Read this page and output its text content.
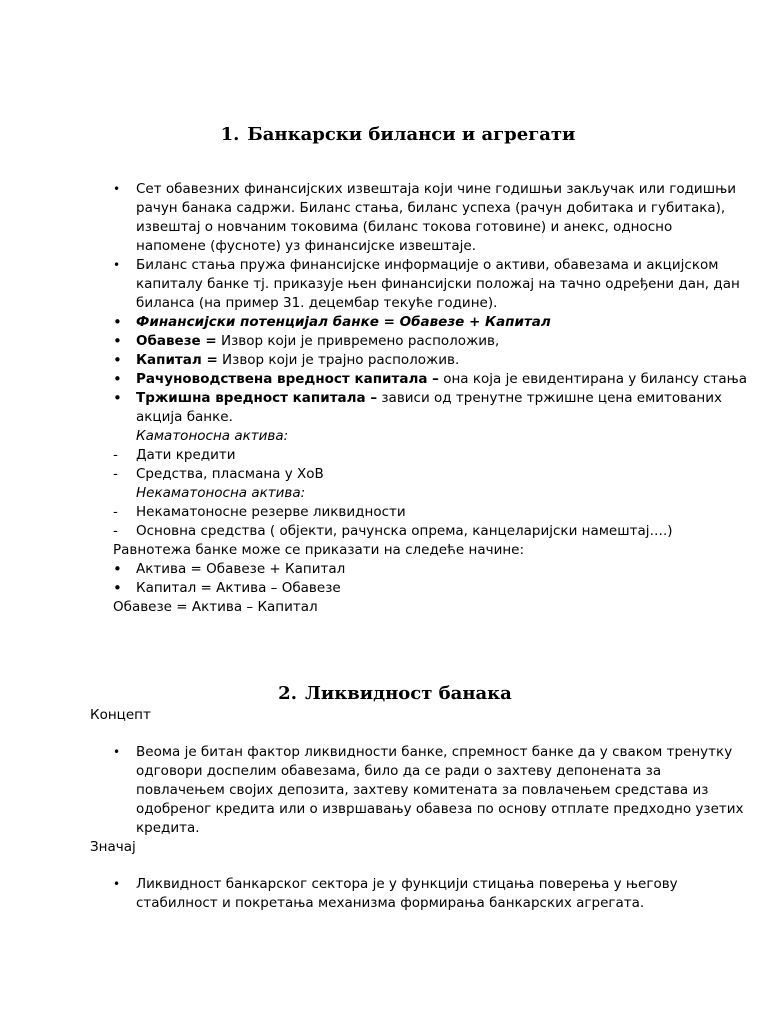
1. Банкарски биланси и агрегати
• Сет обавезних финансијских извештаја који чине годишњи закључак или годишњи
рачун банака садржи. Биланс стања, биланс успеха (рачун добитака и губитака),
извештај о новчаним токовима (биланс токова готовине) и анекс, односно
напомене (фусноте) уз финансијске извештаје.
• Биланс стања пружа финансијске информације о активи, обавезама и акцијском
капиталу банке тј. приказује њен финансијски положај на тачно одређени дан, дан
биланса (на пример 31. децембар текуће године).
• Финансијски потенцијал банке = Обавезе + Капитал
• Обавезе = Извор који је привремено расположив,
• Капитал = Извор који је трајно расположив.
• Рачуноводствена вредност капитала – она која је евидентирана у билансу стања
• Тржишна вредност капитала – зависи од тренутне тржишне цена емитованих
акција банке.
Каматоносна актива:
- Дати кредити
- Средства, пласмана у ХоВ
Некаматоносна актива:
- Некаматоносне резерве ликвидности
- Основна средства ( објекти, рачунска опрема, канцеларијски намештај….)
Равнотежа банке може се приказати на следеће начине:
• Актива = Обавезе + Капитал
• Капитал = Актива – Обавезе
Обавезе = Актива – Капитал
2. Ликвидност банака
Концепт
• Веома је битан фактор ликвидности банке, спремност банке да у сваком тренутку
одговори доспелим обавезама, било да се ради о захтеву депонената за
повлачењем својих депозита, захтеву комитената за повлачењем средстава из
одобреног кредита или о извршавању обавеза по основу отплате предходно узетих
кредита.
Значај
• Ликвидност банкарског сектора је у функцији стицања поверења у његову
стабилност и покретања механизма формирања банкарских агрегата.
